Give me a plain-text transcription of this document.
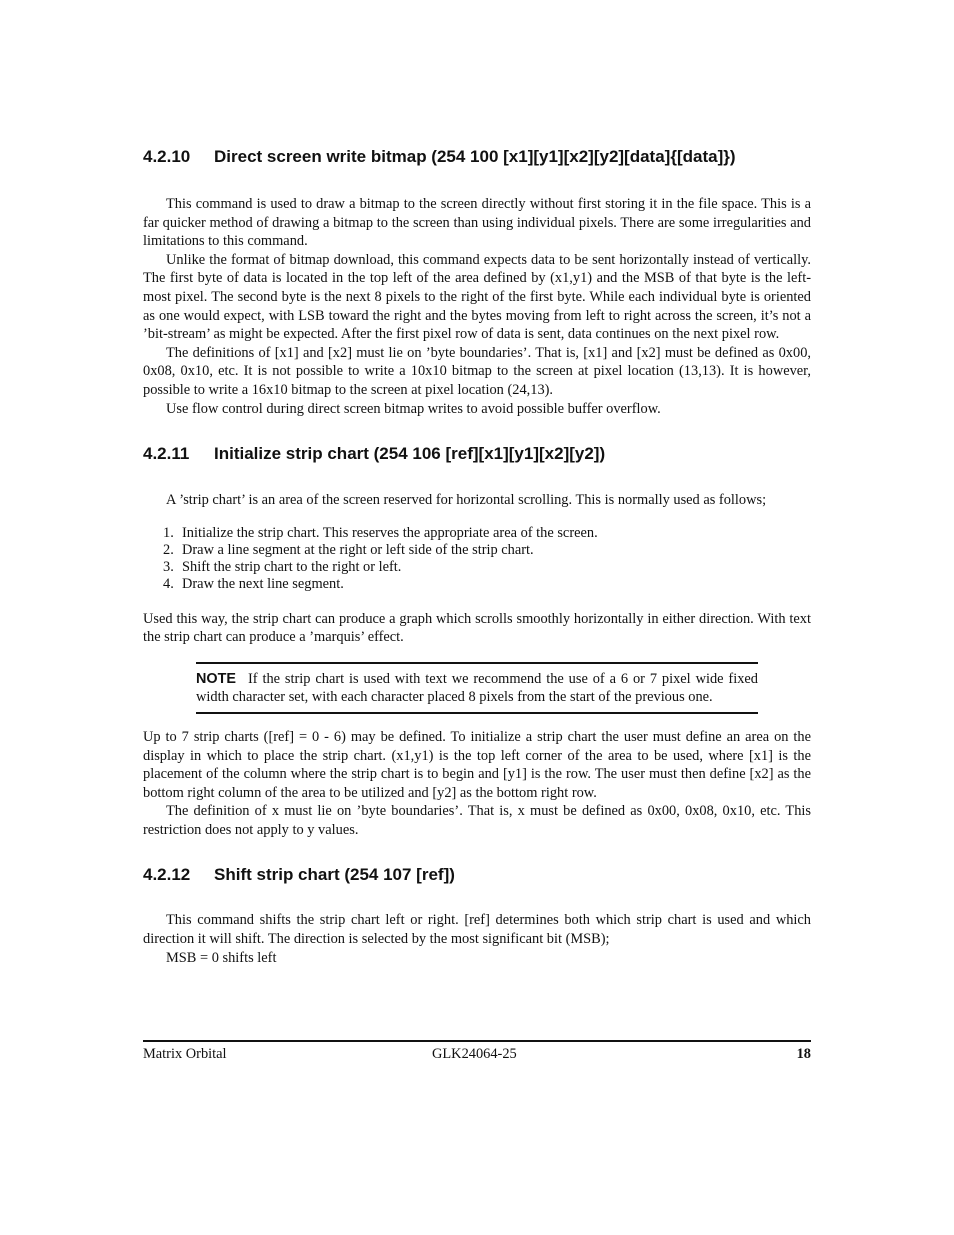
4.2.10 Direct screen write bitmap (254 100 [x1][y1][x2][y2][data]{[data]})

This command is used to draw a bitmap to the screen directly without first storing it in the file space. This is a far quicker method of drawing a bitmap to the screen than using individual pixels. There are some irregularities and limitations to this command.

Unlike the format of bitmap download, this command expects data to be sent horizontally instead of vertically. The first byte of data is located in the top left of the area defined by (x1,y1) and the MSB of that byte is the left-most pixel. The second byte is the next 8 pixels to the right of the first byte. While each individual byte is oriented as one would expect, with LSB toward the right and the bytes moving from left to right across the screen, it’s not a ’bit-stream’ as might be expected. After the first pixel row of data is sent, data continues on the next pixel row.

The definitions of [x1] and [x2] must lie on ’byte boundaries’. That is, [x1] and [x2] must be defined as 0x00, 0x08, 0x10, etc. It is not possible to write a 10x10 bitmap to the screen at pixel location (13,13). It is however, possible to write a 16x10 bitmap to the screen at pixel location (24,13).

Use flow control during direct screen bitmap writes to avoid possible buffer overflow.

4.2.11 Initialize strip chart (254 106 [ref][x1][y1][x2][y2])

A ’strip chart’ is an area of the screen reserved for horizontal scrolling. This is normally used as follows;

1. Initialize the strip chart. This reserves the appropriate area of the screen.
2. Draw a line segment at the right or left side of the strip chart.
3. Shift the strip chart to the right or left.
4. Draw the next line segment.

Used this way, the strip chart can produce a graph which scrolls smoothly horizontally in either direction. With text the strip chart can produce a ’marquis’ effect.

NOTE If the strip chart is used with text we recommend the use of a 6 or 7 pixel wide fixed width character set, with each character placed 8 pixels from the start of the previous one.

Up to 7 strip charts ([ref] = 0 - 6) may be defined. To initialize a strip chart the user must define an area on the display in which to place the strip chart. (x1,y1) is the top left corner of the area to be used, where [x1] is the placement of the column where the strip chart is to begin and [y1] is the row. The user must then define [x2] as the bottom right column of the area to be utilized and [y2] as the bottom right row.

The definition of x must lie on ’byte boundaries’. That is, x must be defined as 0x00, 0x08, 0x10, etc. This restriction does not apply to y values.

4.2.12 Shift strip chart (254 107 [ref])

This command shifts the strip chart left or right. [ref] determines both which strip chart is used and which direction it will shift. The direction is selected by the most significant bit (MSB);

MSB = 0 shifts left

Matrix Orbital	GLK24064-25	18
